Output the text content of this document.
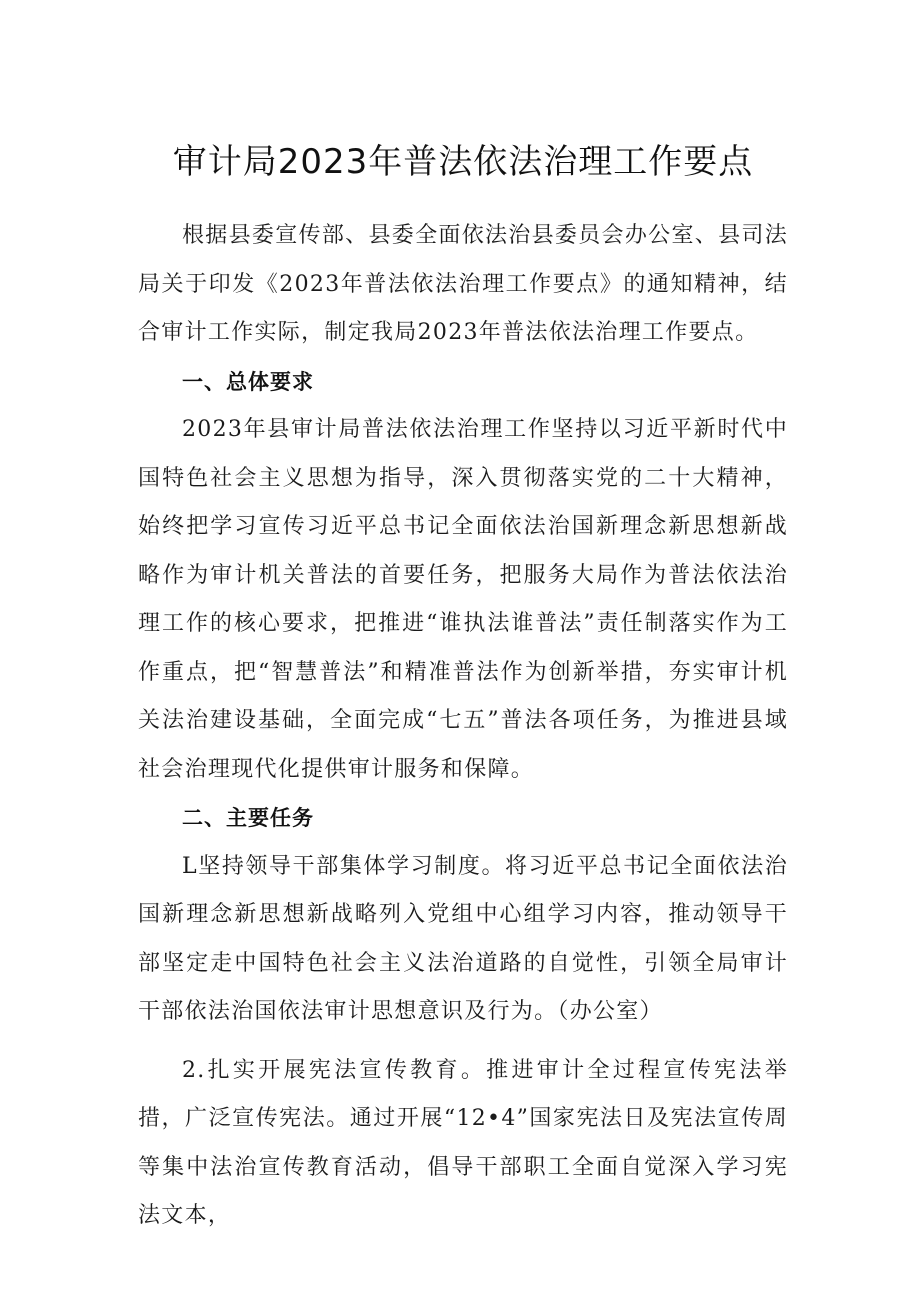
审计局2023年普法依法治理工作要点

根据县委宣传部、县委全面依法治县委员会办公室、县司法局关于印发《2023年普法依法治理工作要点》的通知精神，结合审计工作实际，制定我局2023年普法依法治理工作要点。

一、总体要求

2023年县审计局普法依法治理工作坚持以习近平新时代中国特色社会主义思想为指导，深入贯彻落实党的二十大精神，始终把学习宣传习近平总书记全面依法治国新理念新思想新战略作为审计机关普法的首要任务，把服务大局作为普法依法治理工作的核心要求，把推进“谁执法谁普法”责任制落实作为工作重点，把“智慧普法”和精准普法作为创新举措，夯实审计机关法治建设基础，全面完成“七五”普法各项任务，为推进县域社会治理现代化提供审计服务和保障。

二、主要任务

L坚持领导干部集体学习制度。将习近平总书记全面依法治国新理念新思想新战略列入党组中心组学习内容，推动领导干部坚定走中国特色社会主义法治道路的自觉性，引领全局审计干部依法治国依法审计思想意识及行为。（办公室）

2.扎实开展宪法宣传教育。推进审计全过程宣传宪法举措，广泛宣传宪法。通过开展“12•4”国家宪法日及宪法宣传周等集中法治宣传教育活动，倡导干部职工全面自觉深入学习宪法文本，
